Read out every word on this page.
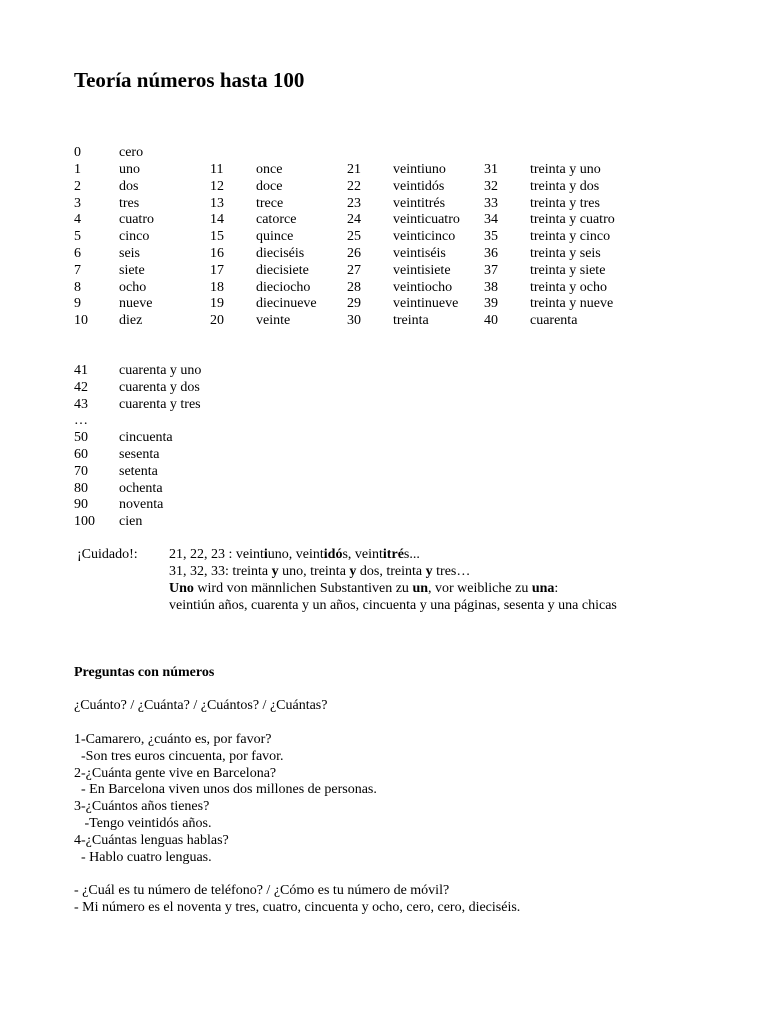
Teoría números hasta 100
0	cero
1	uno	11 once	21 veintiuno	31 treinta y uno
2	dos	12 doce	22 veintidós	32 treinta y dos
3	tres	13 trece	23 veintitrés	33 treinta y tres
4	cuatro	14 catorce	24 veinticuatro 34 treinta y cuatro
5	cinco	15 quince	25 veinticinco 35 treinta y cinco
6	seis	16 dieciséis	26 veintiséis	36 treinta y seis
7	siete	17 diecisiete	27 veintisiete 37 treinta y siete
8	ocho	18 dieciocho	28 veintiocho 38 treinta y ocho
9	nueve	19 diecinueve 29 veintinueve 39 treinta y nueve
10 diez	20 veinte	30 treinta	40 cuarenta
41 cuarenta y uno
42 cuarenta y dos
43 cuarenta y tres
…
50 cincuenta
60 sesenta
70 setenta
80 ochenta
90 noventa
100 cien
¡Cuidado!: 21, 22, 23 : veintiuno, veintidós, veintitrés...
31, 32, 33: treinta y uno, treinta y dos, treinta y tres…
Uno wird von männlichen Substantiven zu un, vor weibliche zu una:
veintiún años, cuarenta y un años, cincuenta y una páginas, sesenta y una chicas
Preguntas con números
¿Cuánto? / ¿Cuánta? / ¿Cuántos? / ¿Cuántas?
1-Camarero, ¿cuánto es, por favor?
-Son tres euros cincuenta, por favor.
2-¿Cuánta gente vive en Barcelona?
- En Barcelona viven unos dos millones de personas.
3-¿Cuántos años tienes?
-Tengo veintidós años.
4-¿Cuántas lenguas hablas?
- Hablo cuatro lenguas.
- ¿Cuál es tu número de teléfono? / ¿Cómo es tu número de móvil?
- Mi número es el noventa y tres, cuatro, cincuenta y ocho, cero, cero, dieciséis.
